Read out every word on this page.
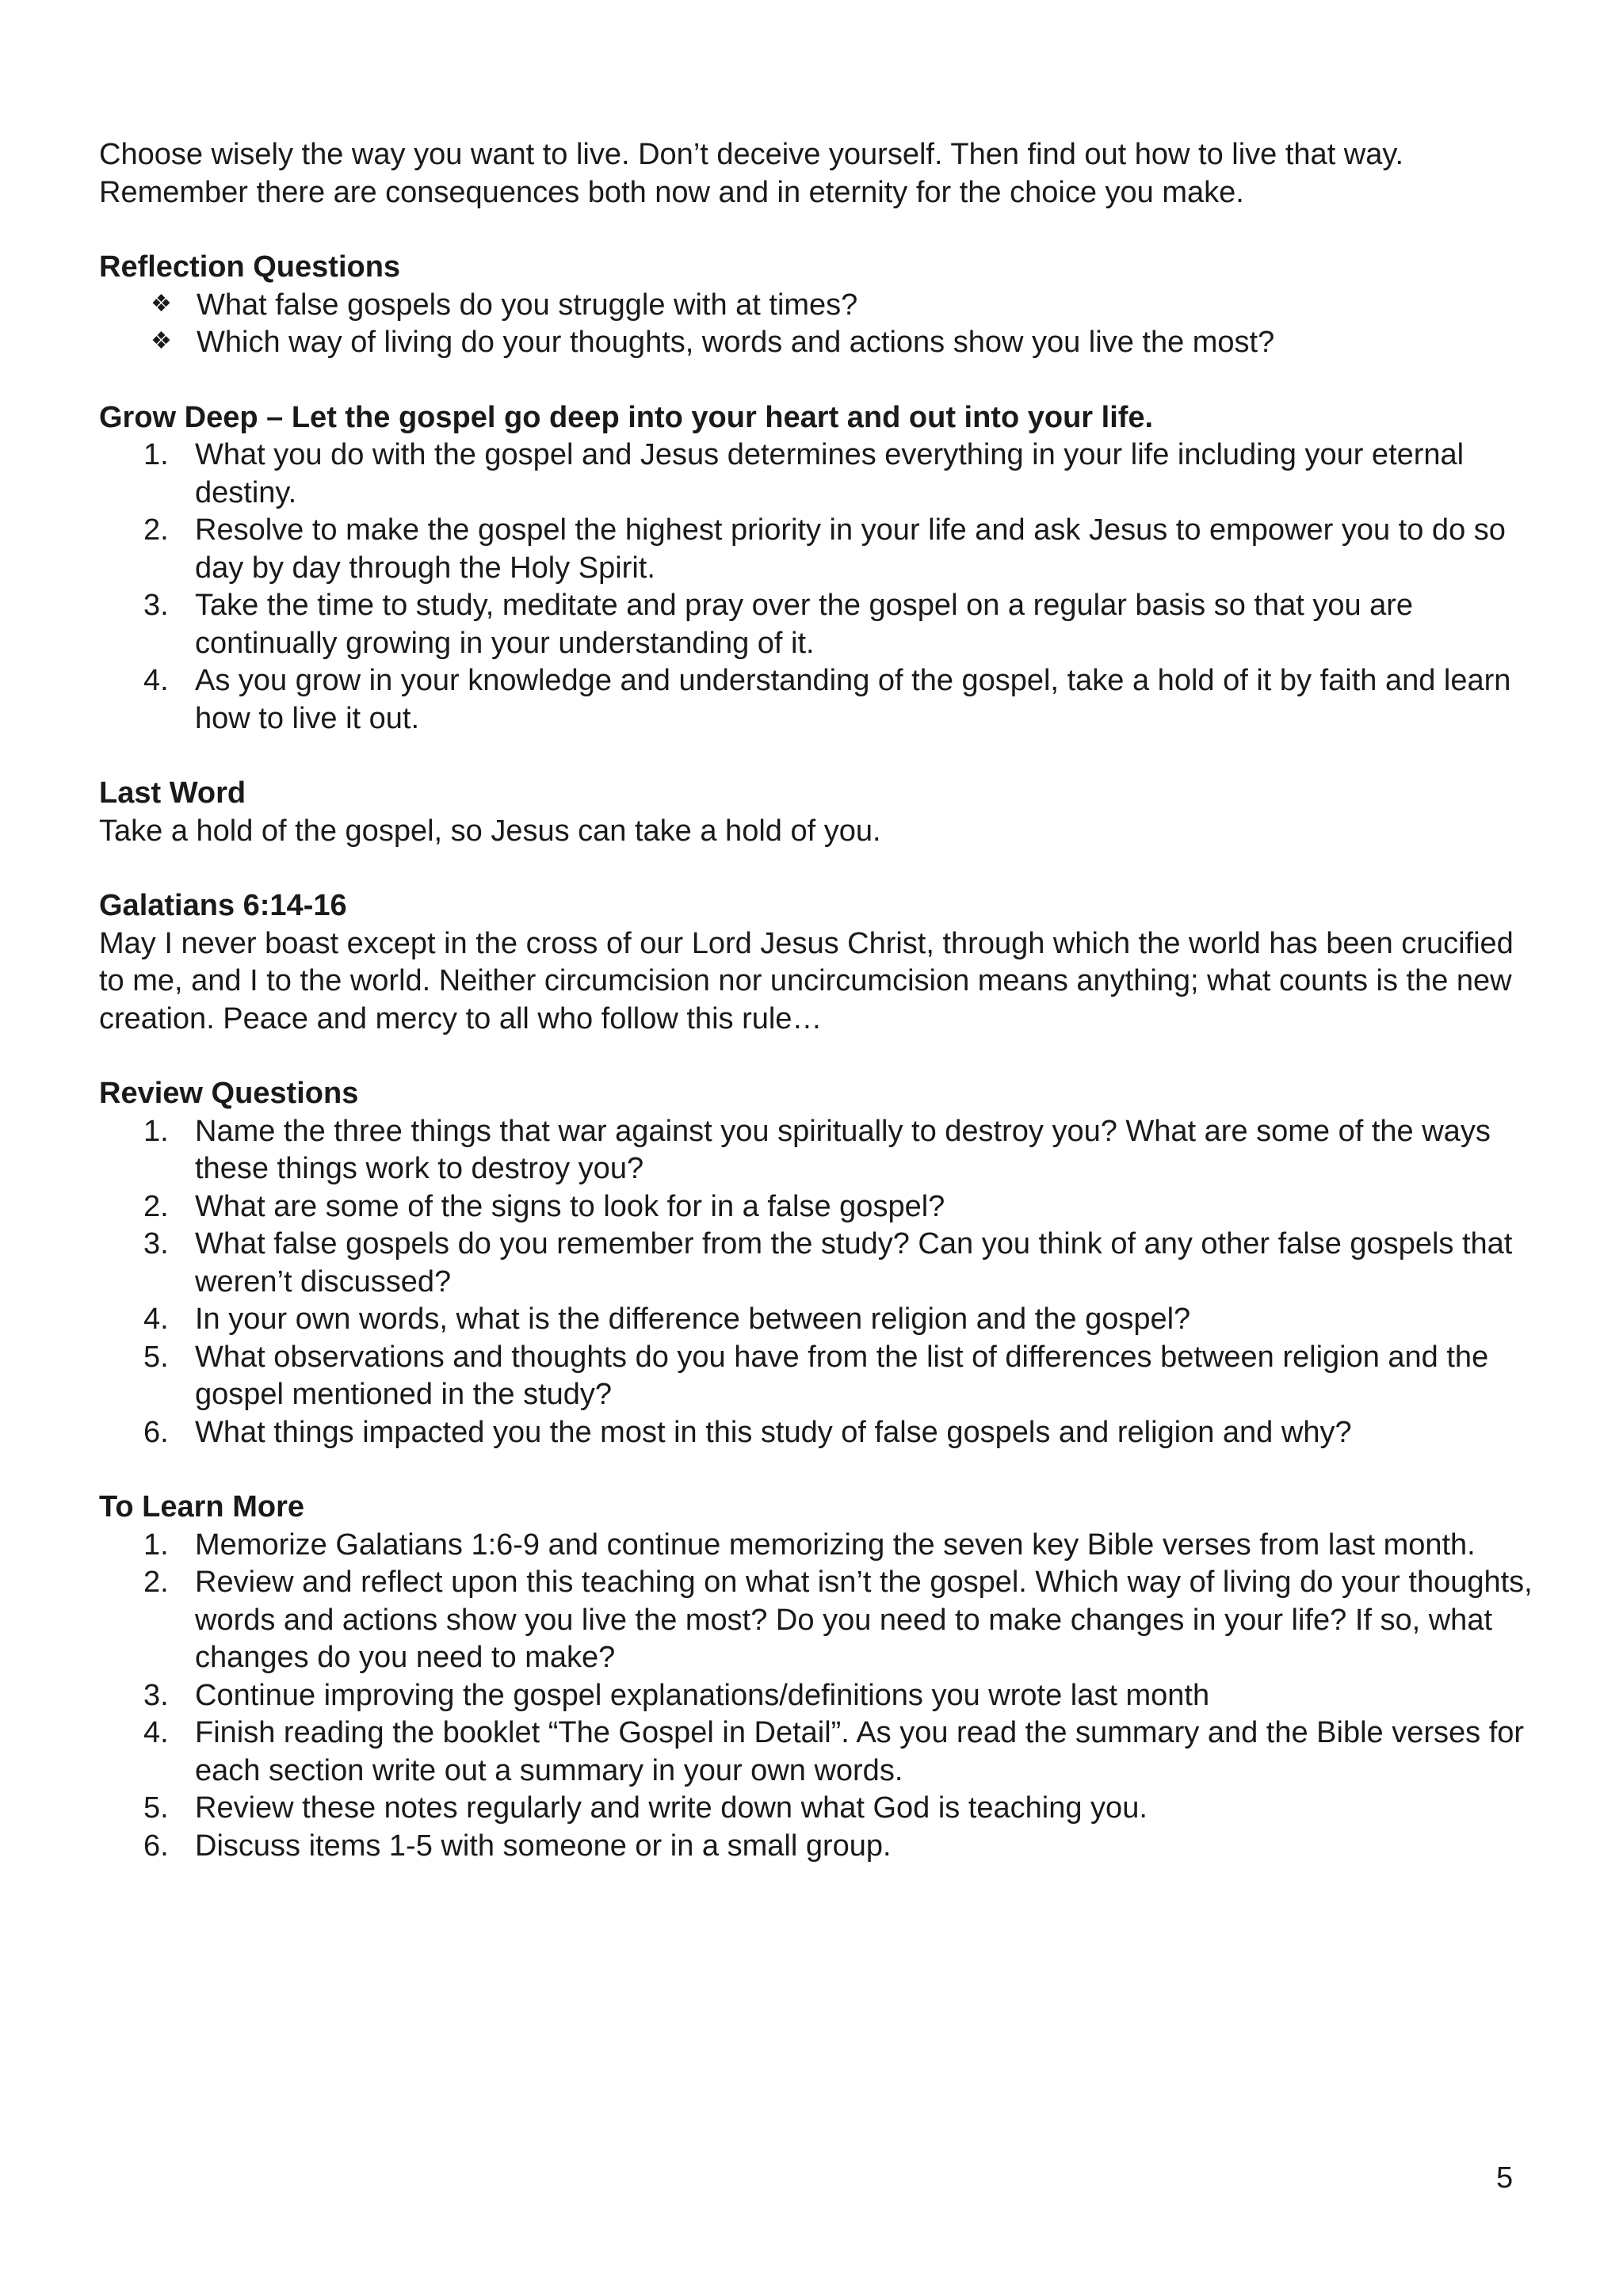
Choose wisely the way you want to live. Don’t deceive yourself. Then find out how to live that way. Remember there are consequences both now and in eternity for the choice you make.

Reflection Questions
❖ What false gospels do you struggle with at times?
❖ Which way of living do your thoughts, words and actions show you live the most?
Grow Deep – Let the gospel go deep into your heart and out into your life.
1. What you do with the gospel and Jesus determines everything in your life including your eternal destiny.
2. Resolve to make the gospel the highest priority in your life and ask Jesus to empower you to do so day by day through the Holy Spirit.
3. Take the time to study, meditate and pray over the gospel on a regular basis so that you are continually growing in your understanding of it.
4. As you grow in your knowledge and understanding of the gospel, take a hold of it by faith and learn how to live it out.
Last Word

Take a hold of the gospel, so Jesus can take a hold of you.

Galatians 6:14-16

May I never boast except in the cross of our Lord Jesus Christ, through which the world has been crucified to me, and I to the world. Neither circumcision nor uncircumcision means anything; what counts is the new creation. Peace and mercy to all who follow this rule…

Review Questions
1. Name the three things that war against you spiritually to destroy you? What are some of the ways these things work to destroy you?
2. What are some of the signs to look for in a false gospel?
3. What false gospels do you remember from the study? Can you think of any other false gospels that weren’t discussed?
4. In your own words, what is the difference between religion and the gospel?
5. What observations and thoughts do you have from the list of differences between religion and the gospel mentioned in the study?
6. What things impacted you the most in this study of false gospels and religion and why?
To Learn More
1. Memorize Galatians 1:6-9 and continue memorizing the seven key Bible verses from last month.
2. Review and reflect upon this teaching on what isn’t the gospel. Which way of living do your thoughts, words and actions show you live the most? Do you need to make changes in your life? If so, what changes do you need to make?
3. Continue improving the gospel explanations/definitions you wrote last month
4. Finish reading the booklet “The Gospel in Detail”. As you read the summary and the Bible verses for each section write out a summary in your own words.
5. Review these notes regularly and write down what God is teaching you.
6. Discuss items 1-5 with someone or in a small group.
5
